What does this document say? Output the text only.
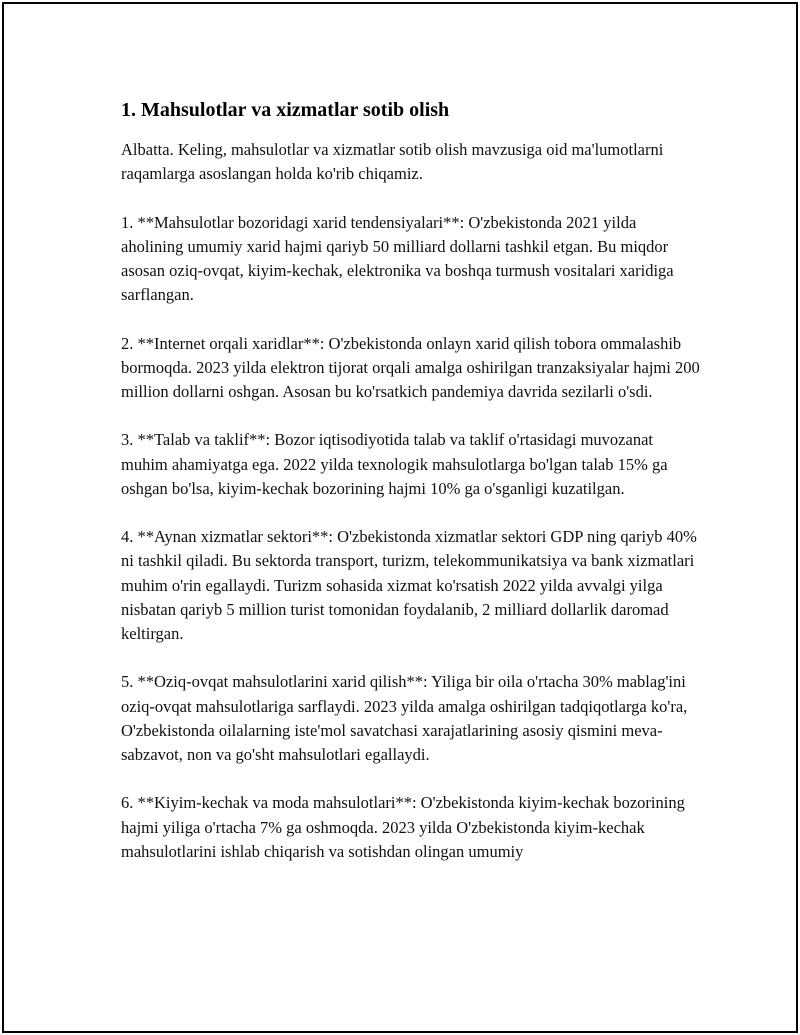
1. Mahsulotlar va xizmatlar sotib olish

Albatta. Keling, mahsulotlar va xizmatlar sotib olish mavzusiga oid ma'lumotlarni raqamlarga asoslangan holda ko'rib chiqamiz.

1. **Mahsulotlar bozoridagi xarid tendensiyalari**: O'zbekistonda 2021 yilda aholining umumiy xarid hajmi qariyb 50 milliard dollarni tashkil etgan. Bu miqdor asosan oziq-ovqat, kiyim-kechak, elektronika va boshqa turmush vositalari xaridiga sarflangan.

2. **Internet orqali xaridlar**: O'zbekistonda onlayn xarid qilish tobora ommalashib bormoqda. 2023 yilda elektron tijorat orqali amalga oshirilgan tranzaksiyalar hajmi 200 million dollarni oshgan. Asosan bu ko'rsatkich pandemiya davrida sezilarli o'sdi.

3. **Talab va taklif**: Bozor iqtisodiyotida talab va taklif o'rtasidagi muvozanat muhim ahamiyatga ega. 2022 yilda texnologik mahsulotlarga bo'lgan talab 15% ga oshgan bo'lsa, kiyim-kechak bozorining hajmi 10% ga o'sganligi kuzatilgan.

4. **Aynan xizmatlar sektori**: O'zbekistonda xizmatlar sektori GDP ning qariyb 40% ni tashkil qiladi. Bu sektorda transport, turizm, telekommunikatsiya va bank xizmatlari muhim o'rin egallaydi. Turizm sohasida xizmat ko'rsatish 2022 yilda avvalgi yilga nisbatan qariyb 5 million turist tomonidan foydalanib, 2 milliard dollarlik daromad keltirgan.

5. **Oziq-ovqat mahsulotlarini xarid qilish**: Yiliga bir oila o'rtacha 30% mablag'ini oziq-ovqat mahsulotlariga sarflaydi. 2023 yilda amalga oshirilgan tadqiqotlarga ko'ra, O'zbekistonda oilalarning iste'mol savatchasi xarajatlarining asosiy qismini meva-sabzavot, non va go'sht mahsulotlari egallaydi.

6. **Kiyim-kechak va moda mahsulotlari**: O'zbekistonda kiyim-kechak bozorining hajmi yiliga o'rtacha 7% ga oshmoqda. 2023 yilda O'zbekistonda kiyim-kechak mahsulotlarini ishlab chiqarish va sotishdan olingan umumiy
